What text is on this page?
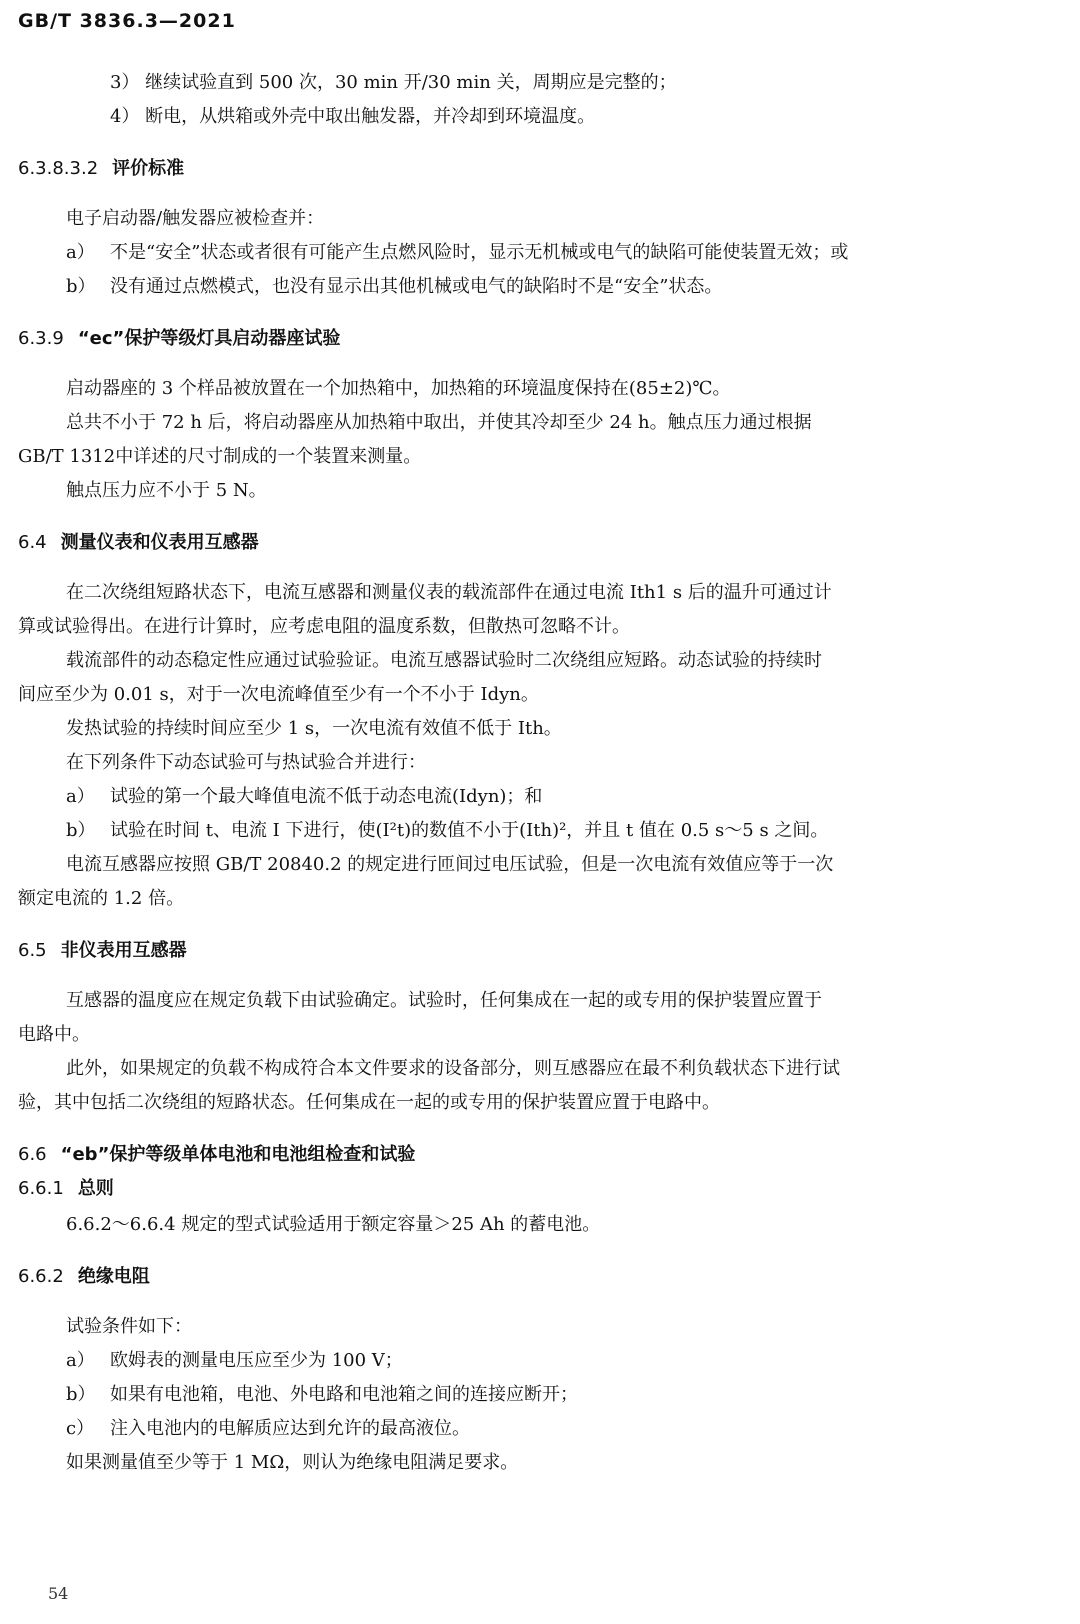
GB/T 3836.3—2021
3） 继续试验直到 500 次，30 min 开/30 min 关，周期应是完整的；
4） 断电，从烘箱或外壳中取出触发器，并冷却到环境温度。
6.3.8.3.2 评价标准
电子启动器/触发器应被检查并：
a） 不是“安全”状态或者很有可能产生点燃风险时，显示无机械或电气的缺陷可能使装置无效；或
b） 没有通过点燃模式，也没有显示出其他机械或电气的缺陷时不是“安全”状态。
6.3.9 “ec”保护等级灯具启动器座试验
启动器座的 3 个样品被放置在一个加热箱中，加热箱的环境温度保持在(85±2)℃。
总共不小于 72 h 后，将启动器座从加热箱中取出，并使其冷却至少 24 h。触点压力通过根据
GB/T 1312中详述的尺寸制成的一个装置来测量。
触点压力应不小于 5 N。
6.4 测量仪表和仪表用互感器
在二次绕组短路状态下，电流互感器和测量仪表的载流部件在通过电流 Ith1 s 后的温升可通过计
算或试验得出。在进行计算时，应考虑电阻的温度系数，但散热可忽略不计。
载流部件的动态稳定性应通过试验验证。电流互感器试验时二次绕组应短路。动态试验的持续时
间应至少为 0.01 s，对于一次电流峰值至少有一个不小于 Idyn。
发热试验的持续时间应至少 1 s，一次电流有效值不低于 Ith。
在下列条件下动态试验可与热试验合并进行：
a） 试验的第一个最大峰值电流不低于动态电流(Idyn)；和
b） 试验在时间 t、电流 I 下进行，使(I²t)的数值不小于(Ith)²，并且 t 值在 0.5 s～5 s 之间。
电流互感器应按照 GB/T 20840.2 的规定进行匝间过电压试验，但是一次电流有效值应等于一次
额定电流的 1.2 倍。
6.5 非仪表用互感器
互感器的温度应在规定负载下由试验确定。试验时，任何集成在一起的或专用的保护装置应置于
电路中。
此外，如果规定的负载不构成符合本文件要求的设备部分，则互感器应在最不利负载状态下进行试
验，其中包括二次绕组的短路状态。任何集成在一起的或专用的保护装置应置于电路中。
6.6 “eb”保护等级单体电池和电池组检查和试验
6.6.1 总则
6.6.2～6.6.4 规定的型式试验适用于额定容量＞25 Ah 的蓄电池。
6.6.2 绝缘电阻
试验条件如下：
a） 欧姆表的测量电压应至少为 100 V；
b） 如果有电池箱，电池、外电路和电池箱之间的连接应断开；
c） 注入电池内的电解质应达到允许的最高液位。
如果测量值至少等于 1 MΩ，则认为绝缘电阻满足要求。
54
